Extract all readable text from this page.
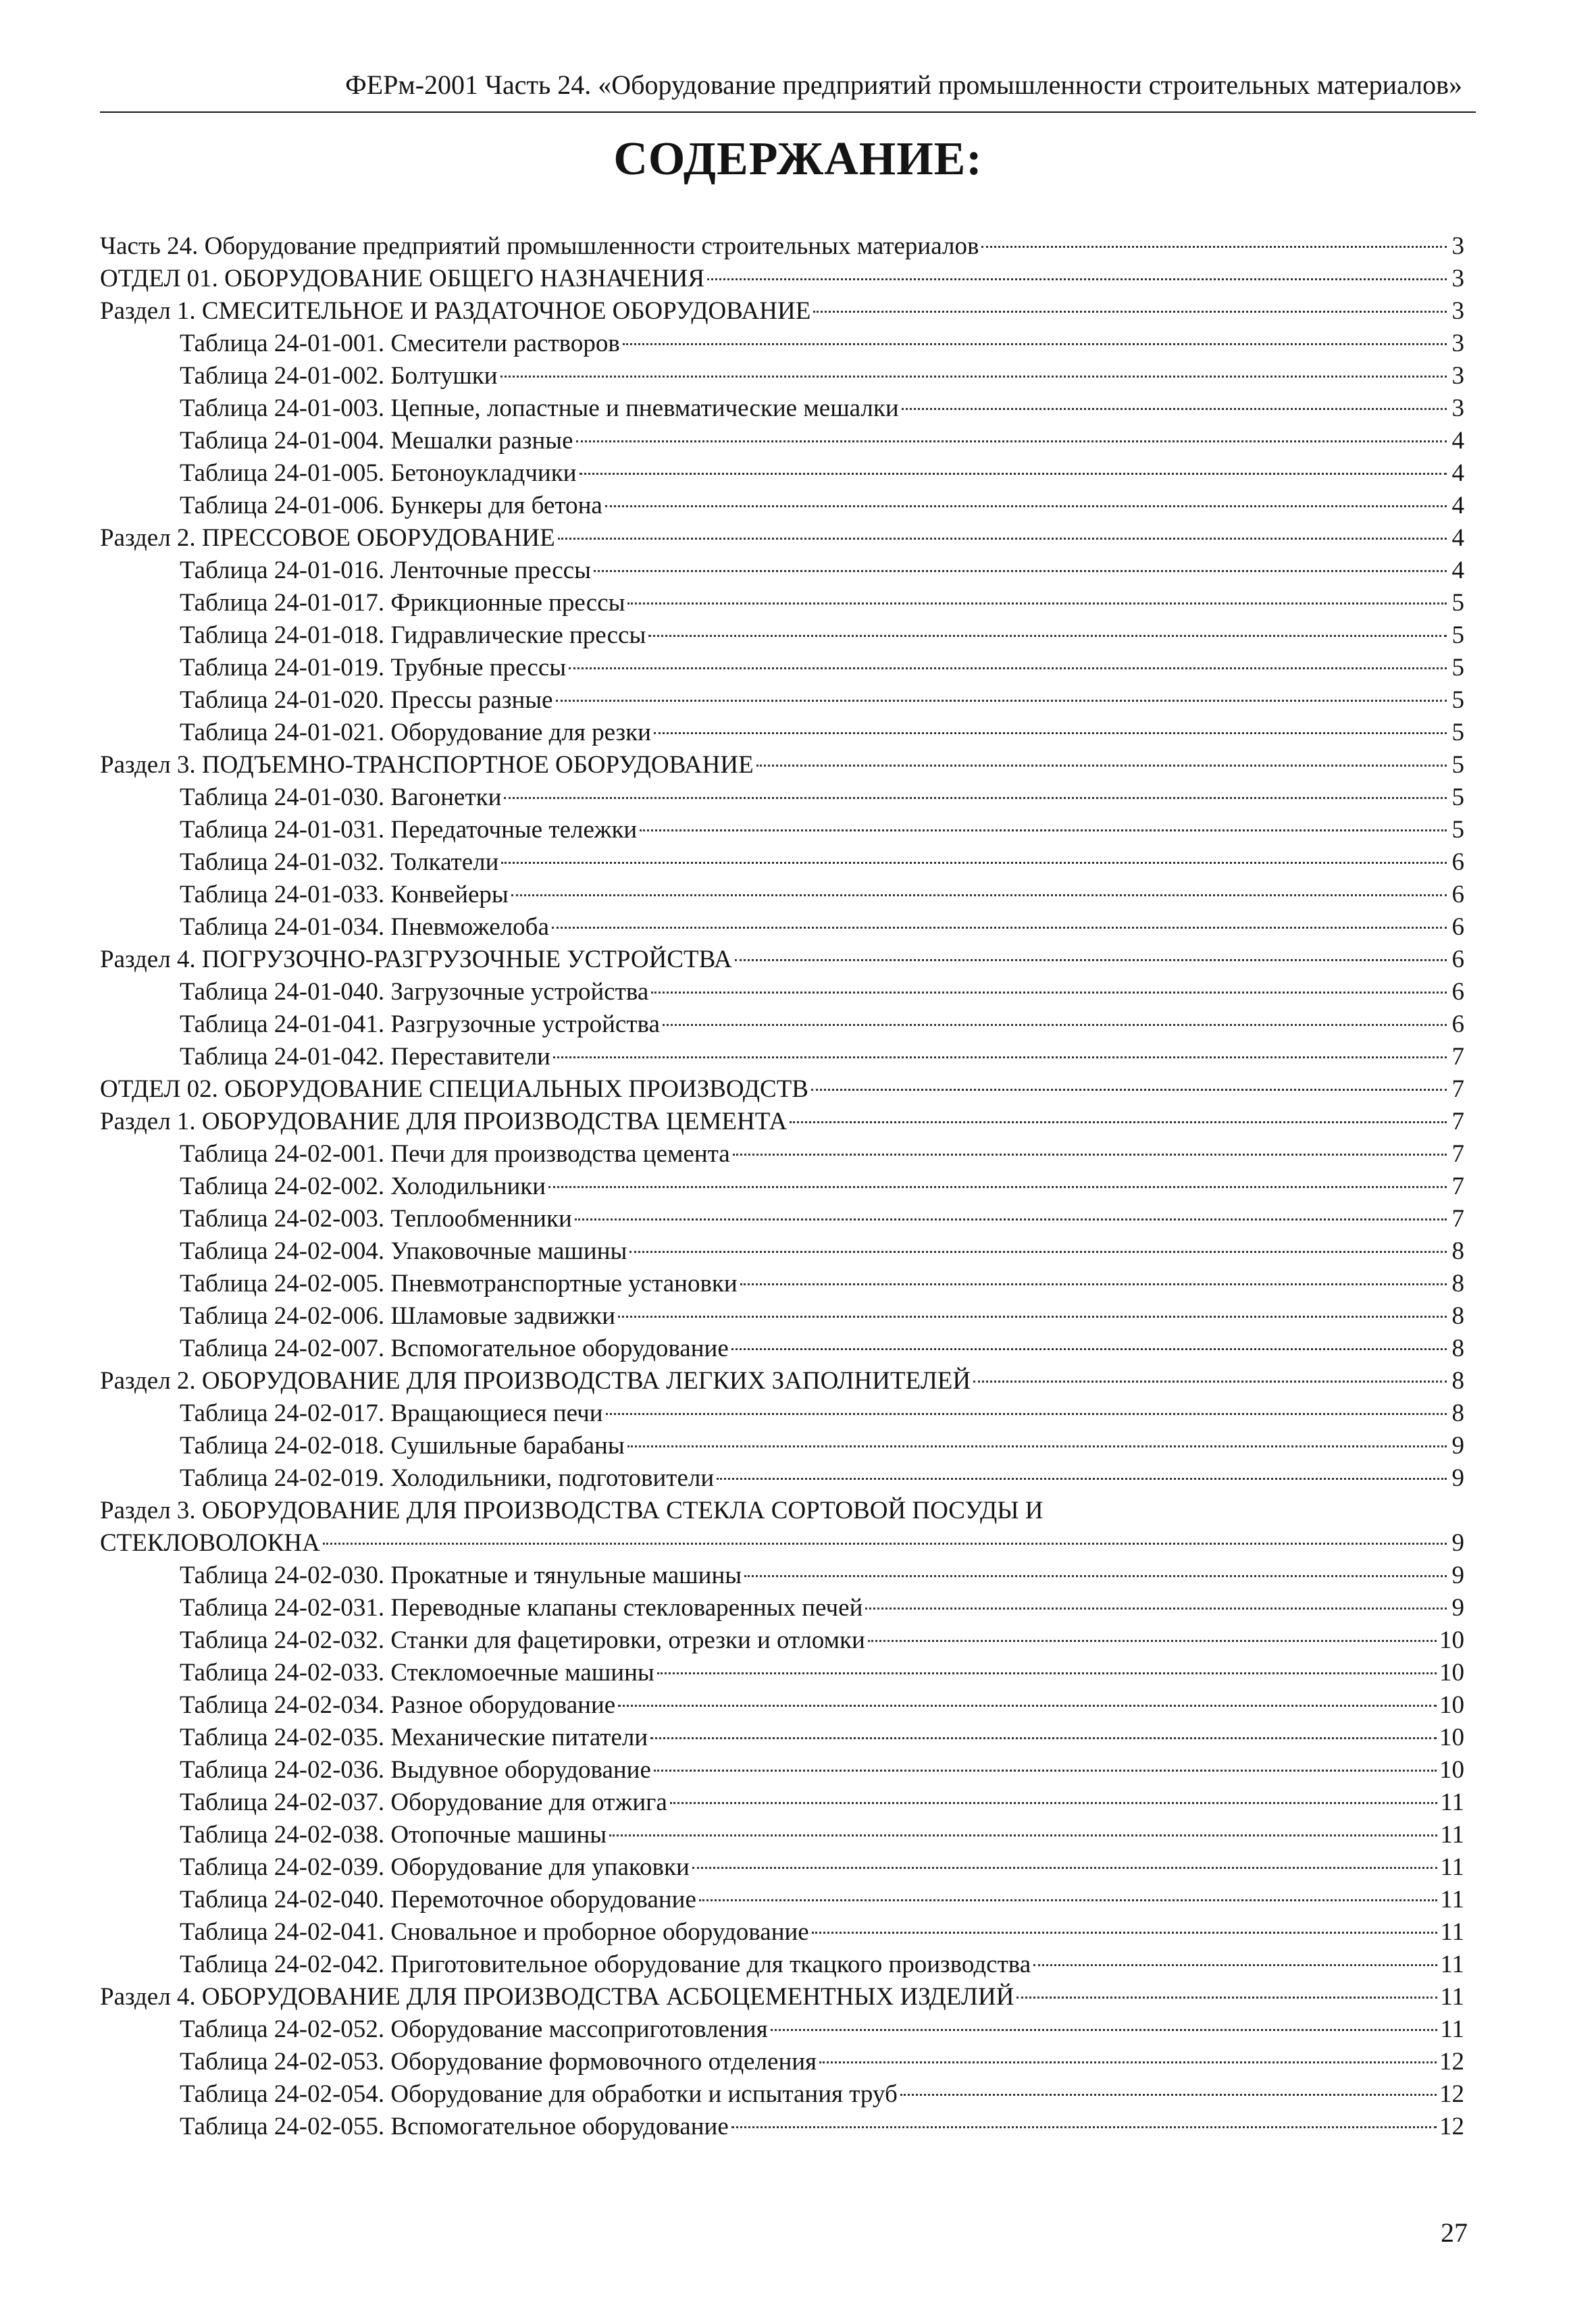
ФЕРм-2001 Часть 24. «Оборудование предприятий промышленности строительных материалов»
СОДЕРЖАНИЕ:
Часть 24. Оборудование предприятий промышленности строительных материалов	3
ОТДЕЛ 01. ОБОРУДОВАНИЕ ОБЩЕГО НАЗНАЧЕНИЯ	3
Раздел 1. СМЕСИТЕЛЬНОЕ И РАЗДАТОЧНОЕ ОБОРУДОВАНИЕ	3
Таблица 24-01-001. Смесители растворов	3
Таблица 24-01-002. Болтушки	3
Таблица 24-01-003. Цепные, лопастные и пневматические мешалки	3
Таблица 24-01-004. Мешалки разные	4
Таблица 24-01-005. Бетоноукладчики	4
Таблица 24-01-006. Бункеры для бетона	4
Раздел 2. ПРЕССОВОЕ ОБОРУДОВАНИЕ	4
Таблица 24-01-016. Ленточные прессы	4
Таблица 24-01-017. Фрикционные прессы	5
Таблица 24-01-018. Гидравлические прессы	5
Таблица 24-01-019. Трубные прессы	5
Таблица 24-01-020. Прессы разные	5
Таблица 24-01-021. Оборудование для резки	5
Раздел 3. ПОДЪЕМНО-ТРАНСПОРТНОЕ ОБОРУДОВАНИЕ	5
Таблица 24-01-030. Вагонетки	5
Таблица 24-01-031. Передаточные тележки	5
Таблица 24-01-032. Толкатели	6
Таблица 24-01-033. Конвейеры	6
Таблица 24-01-034. Пневможелоба	6
Раздел 4. ПОГРУЗОЧНО-РАЗГРУЗОЧНЫЕ УСТРОЙСТВА	6
Таблица 24-01-040. Загрузочные устройства	6
Таблица 24-01-041. Разгрузочные устройства	6
Таблица 24-01-042. Переставители	7
ОТДЕЛ 02. ОБОРУДОВАНИЕ СПЕЦИАЛЬНЫХ ПРОИЗВОДСТВ	7
Раздел 1. ОБОРУДОВАНИЕ ДЛЯ ПРОИЗВОДСТВА ЦЕМЕНТА	7
Таблица 24-02-001. Печи для производства цемента	7
Таблица 24-02-002. Холодильники	7
Таблица 24-02-003. Теплообменники	7
Таблица 24-02-004. Упаковочные машины	8
Таблица 24-02-005. Пневмотранспортные установки	8
Таблица 24-02-006. Шламовые задвижки	8
Таблица 24-02-007. Вспомогательное оборудование	8
Раздел 2. ОБОРУДОВАНИЕ ДЛЯ ПРОИЗВОДСТВА ЛЕГКИХ ЗАПОЛНИТЕЛЕЙ	8
Таблица 24-02-017. Вращающиеся печи	8
Таблица 24-02-018. Сушильные барабаны	9
Таблица 24-02-019. Холодильники, подготовители	9
Раздел 3. ОБОРУДОВАНИЕ ДЛЯ ПРОИЗВОДСТВА СТЕКЛА СОРТОВОЙ ПОСУДЫ И
СТЕКЛОВОЛОКНА	9
Таблица 24-02-030. Прокатные и тянульные машины	9
Таблица 24-02-031. Переводные клапаны стекловаренных печей	9
Таблица 24-02-032. Станки для фацетировки, отрезки и отломки	10
Таблица 24-02-033. Стекломоечные машины	10
Таблица 24-02-034. Разное оборудование	10
Таблица 24-02-035. Механические питатели	10
Таблица 24-02-036. Выдувное оборудование	10
Таблица 24-02-037. Оборудование для отжига	11
Таблица 24-02-038. Отопочные машины	11
Таблица 24-02-039. Оборудование для упаковки	11
Таблица 24-02-040. Перемоточное оборудование	11
Таблица 24-02-041. Сновальное и проборное оборудование	11
Таблица 24-02-042. Приготовительное оборудование для ткацкого производства	11
Раздел 4. ОБОРУДОВАНИЕ ДЛЯ ПРОИЗВОДСТВА АСБОЦЕМЕНТНЫХ ИЗДЕЛИЙ	11
Таблица 24-02-052. Оборудование массоприготовления	11
Таблица 24-02-053. Оборудование формовочного отделения	12
Таблица 24-02-054. Оборудование для обработки и испытания труб	12
Таблица 24-02-055. Вспомогательное оборудование	12
27
